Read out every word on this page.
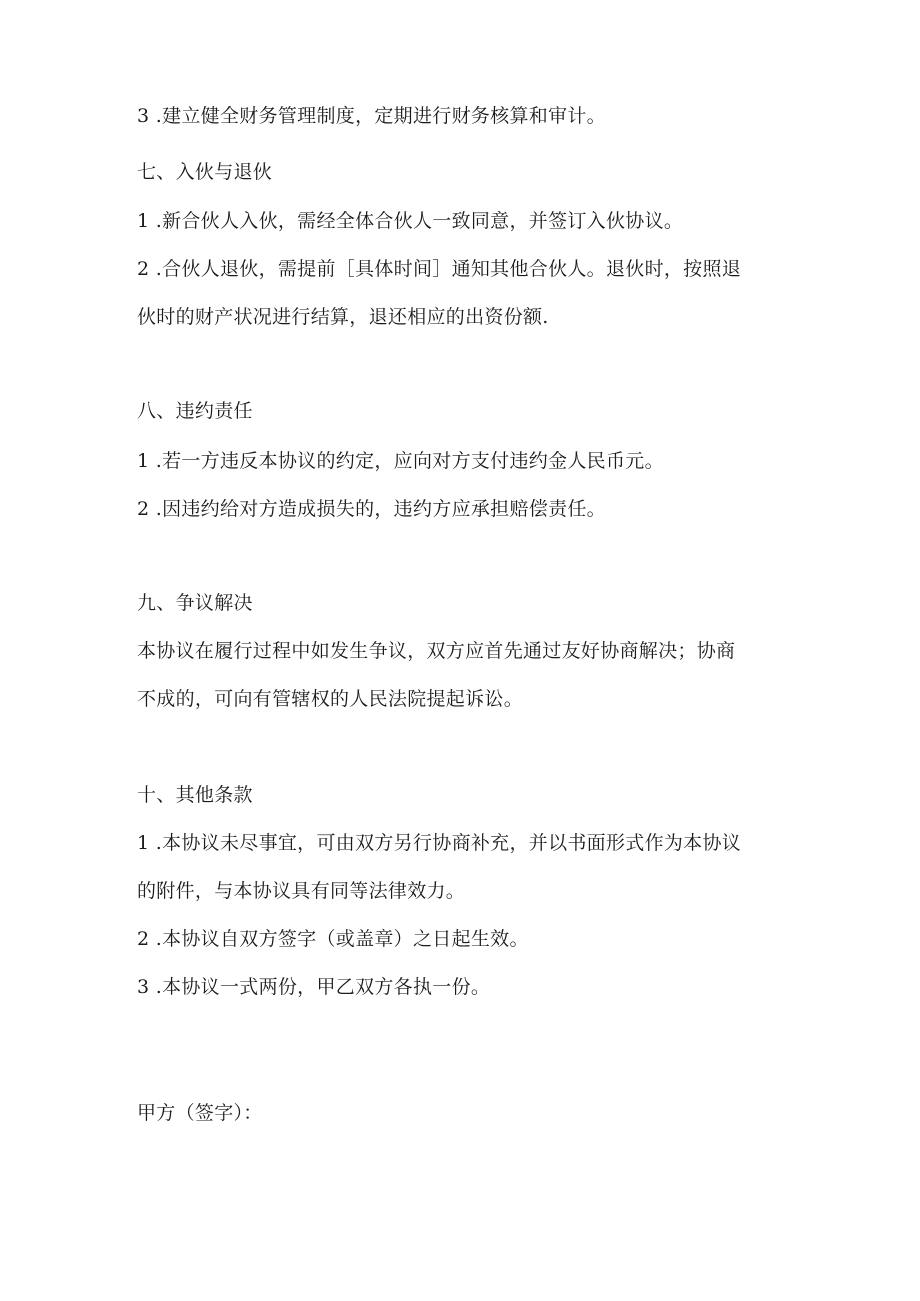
3 .建立健全财务管理制度，定期进行财务核算和审计。
七、入伙与退伙
1 .新合伙人入伙，需经全体合伙人一致同意，并签订入伙协议。
2 .合伙人退伙，需提前［具体时间］通知其他合伙人。退伙时，按照退
伙时的财产状况进行结算，退还相应的出资份额.
八、违约责任
1 .若一方违反本协议的约定，应向对方支付违约金人民币元。
2 .因违约给对方造成损失的，违约方应承担赔偿责任。
九、争议解决
本协议在履行过程中如发生争议，双方应首先通过友好协商解决；协商
不成的，可向有管辖权的人民法院提起诉讼。
十、其他条款
1 .本协议未尽事宜，可由双方另行协商补充，并以书面形式作为本协议
的附件，与本协议具有同等法律效力。
2 .本协议自双方签字（或盖章）之日起生效。
3 .本协议一式两份，甲乙双方各执一份。
甲方（签字）：
